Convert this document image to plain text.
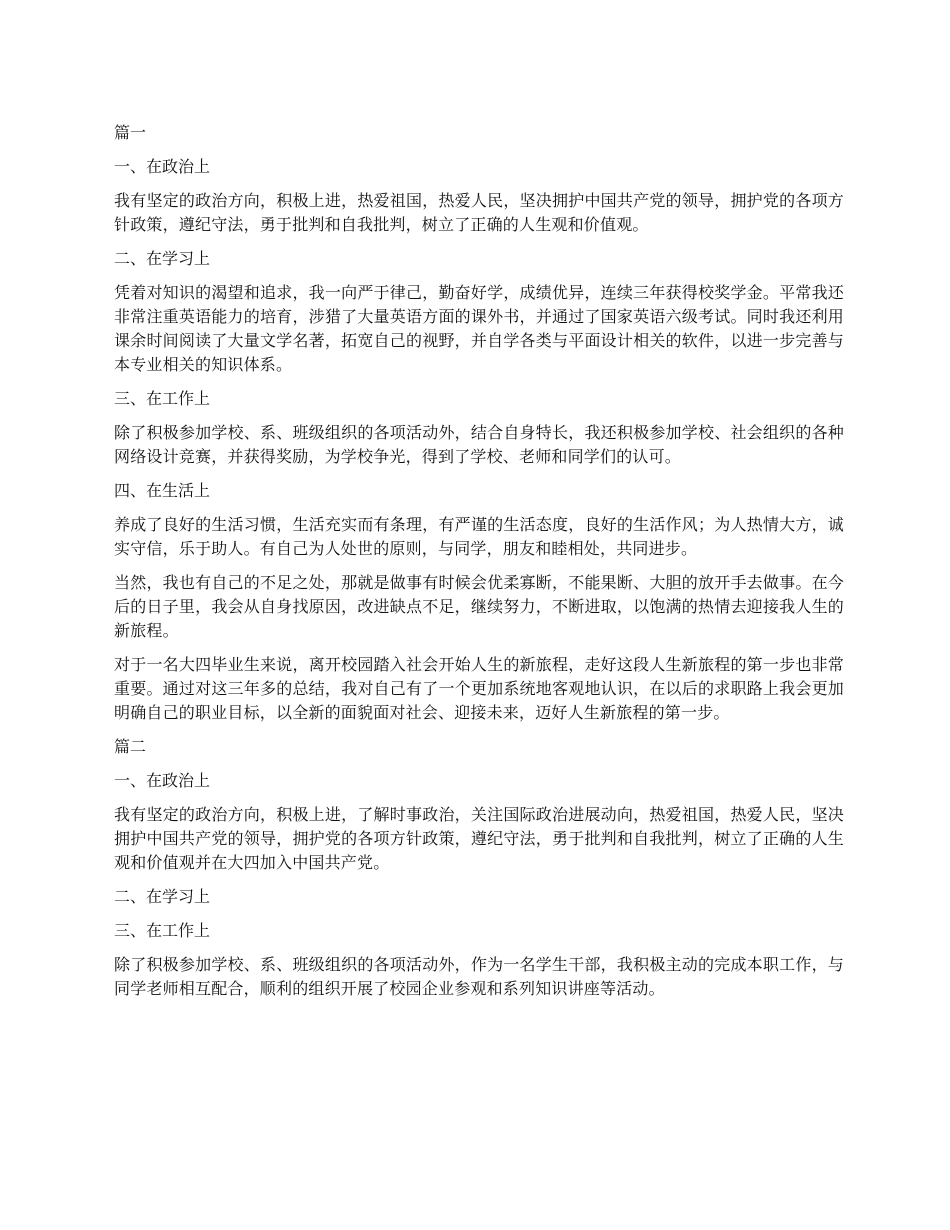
篇一
一、在政治上
我有坚定的政治方向，积极上进，热爱祖国，热爱人民，坚决拥护中国共产党的领导，拥护党的各项方针政策，遵纪守法，勇于批判和自我批判，树立了正确的人生观和价值观。
二、在学习上
凭着对知识的渴望和追求，我一向严于律己，勤奋好学，成绩优异，连续三年获得校奖学金。平常我还非常注重英语能力的培育，涉猎了大量英语方面的课外书，并通过了国家英语六级考试。同时我还利用课余时间阅读了大量文学名著，拓宽自己的视野，并自学各类与平面设计相关的软件，以进一步完善与本专业相关的知识体系。
三、在工作上
除了积极参加学校、系、班级组织的各项活动外，结合自身特长，我还积极参加学校、社会组织的各种网络设计竞赛，并获得奖励，为学校争光，得到了学校、老师和同学们的认可。
四、在生活上
养成了良好的生活习惯，生活充实而有条理，有严谨的生活态度，良好的生活作风；为人热情大方，诚实守信，乐于助人。有自己为人处世的原则，与同学，朋友和睦相处，共同进步。
当然，我也有自己的不足之处，那就是做事有时候会优柔寡断，不能果断、大胆的放开手去做事。在今后的日子里，我会从自身找原因，改进缺点不足，继续努力，不断进取，以饱满的热情去迎接我人生的新旅程。
对于一名大四毕业生来说，离开校园踏入社会开始人生的新旅程，走好这段人生新旅程的第一步也非常重要。通过对这三年多的总结，我对自己有了一个更加系统地客观地认识，在以后的求职路上我会更加明确自己的职业目标，以全新的面貌面对社会、迎接未来，迈好人生新旅程的第一步。
篇二
一、在政治上
我有坚定的政治方向，积极上进，了解时事政治，关注国际政治进展动向，热爱祖国，热爱人民，坚决拥护中国共产党的领导，拥护党的各项方针政策，遵纪守法，勇于批判和自我批判，树立了正确的人生观和价值观并在大四加入中国共产党。
二、在学习上
三、在工作上
除了积极参加学校、系、班级组织的各项活动外，作为一名学生干部，我积极主动的完成本职工作，与同学老师相互配合，顺利的组织开展了校园企业参观和系列知识讲座等活动。
